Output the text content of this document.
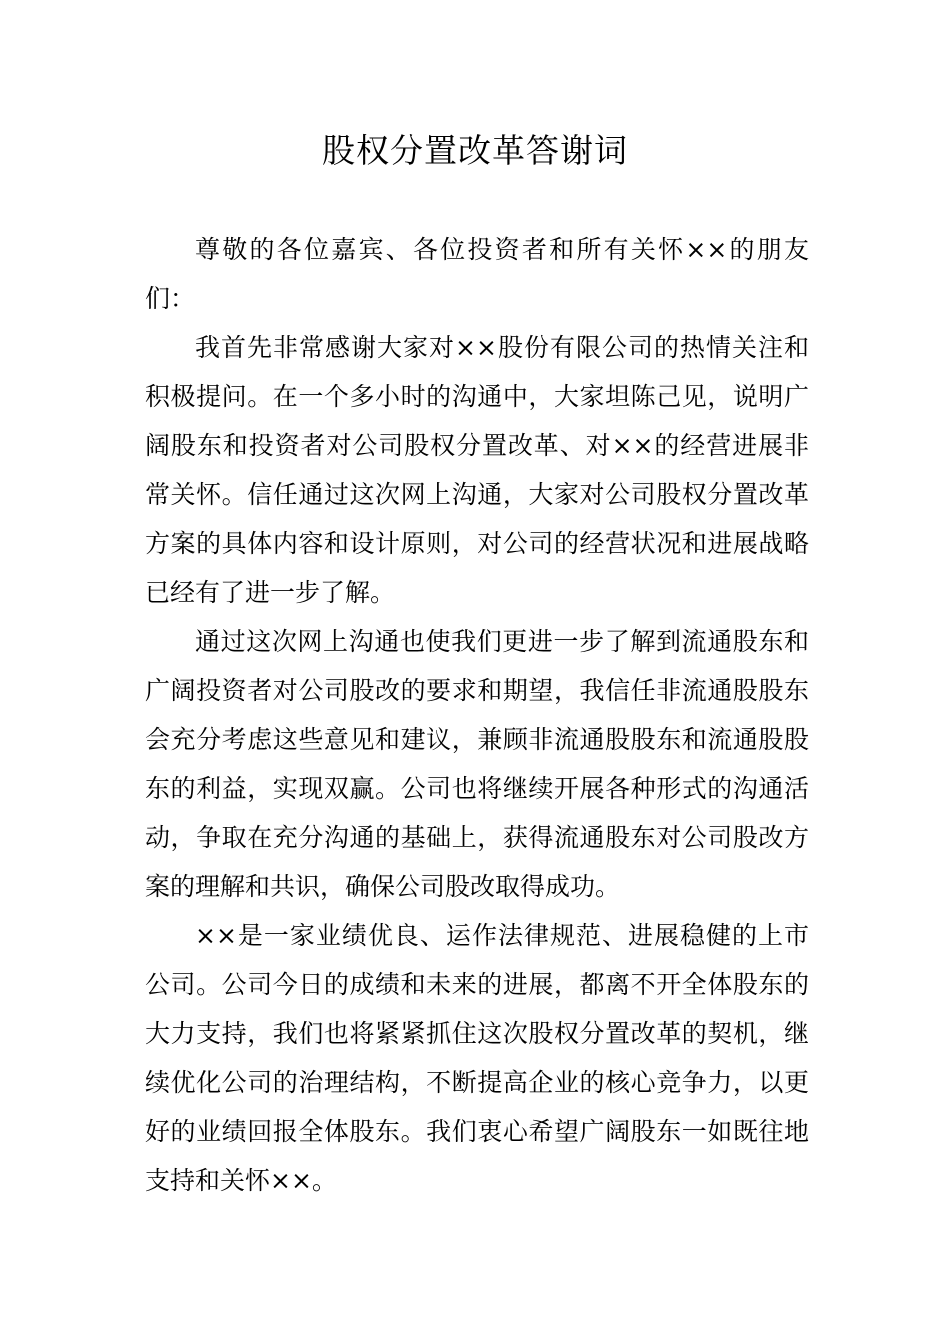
股权分置改革答谢词

尊敬的各位嘉宾、各位投资者和所有关怀××的朋友们：

我首先非常感谢大家对××股份有限公司的热情关注和积极提问。在一个多小时的沟通中，大家坦陈己见，说明广阔股东和投资者对公司股权分置改革、对××的经营进展非常关怀。信任通过这次网上沟通，大家对公司股权分置改革方案的具体内容和设计原则，对公司的经营状况和进展战略已经有了进一步了解。

通过这次网上沟通也使我们更进一步了解到流通股东和广阔投资者对公司股改的要求和期望，我信任非流通股股东会充分考虑这些意见和建议，兼顾非流通股股东和流通股股东的利益，实现双赢。公司也将继续开展各种形式的沟通活动，争取在充分沟通的基础上，获得流通股东对公司股改方案的理解和共识，确保公司股改取得成功。

××是一家业绩优良、运作法律规范、进展稳健的上市公司。公司今日的成绩和未来的进展，都离不开全体股东的大力支持，我们也将紧紧抓住这次股权分置改革的契机，继续优化公司的治理结构，不断提高企业的核心竞争力，以更好的业绩回报全体股东。我们衷心希望广阔股东一如既往地支持和关怀××。
